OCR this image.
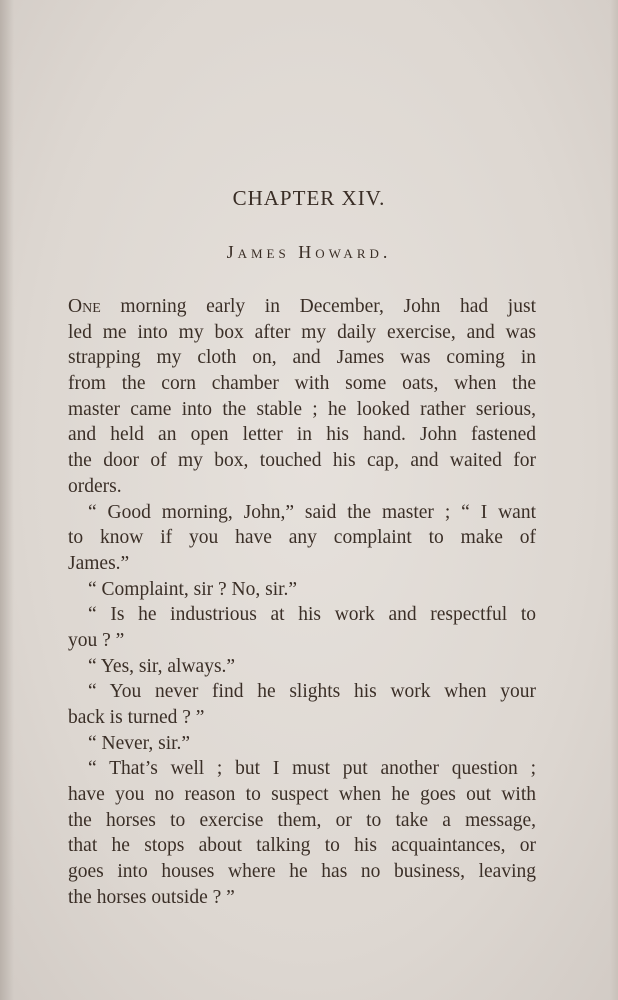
CHAPTER XIV.
James Howard.
One morning early in December, John had just
led me into my box after my daily exercise, and was
strapping my cloth on, and James was coming in
from the corn chamber with some oats, when the
master came into the stable ; he looked rather serious,
and held an open letter in his hand. John fastened
the door of my box, touched his cap, and waited for
orders.
“ Good morning, John,” said the master ; “ I want
to know if you have any complaint to make of
James.”
“ Complaint, sir ? No, sir.”
“ Is he industrious at his work and respectful to
you ? ”
“ Yes, sir, always.”
“ You never find he slights his work when your
back is turned ? ”
“ Never, sir.”
“ That’s well ; but I must put another question ;
have you no reason to suspect when he goes out with
the horses to exercise them, or to take a message,
that he stops about talking to his acquaintances, or
goes into houses where he has no business, leaving
the horses outside ? ”
